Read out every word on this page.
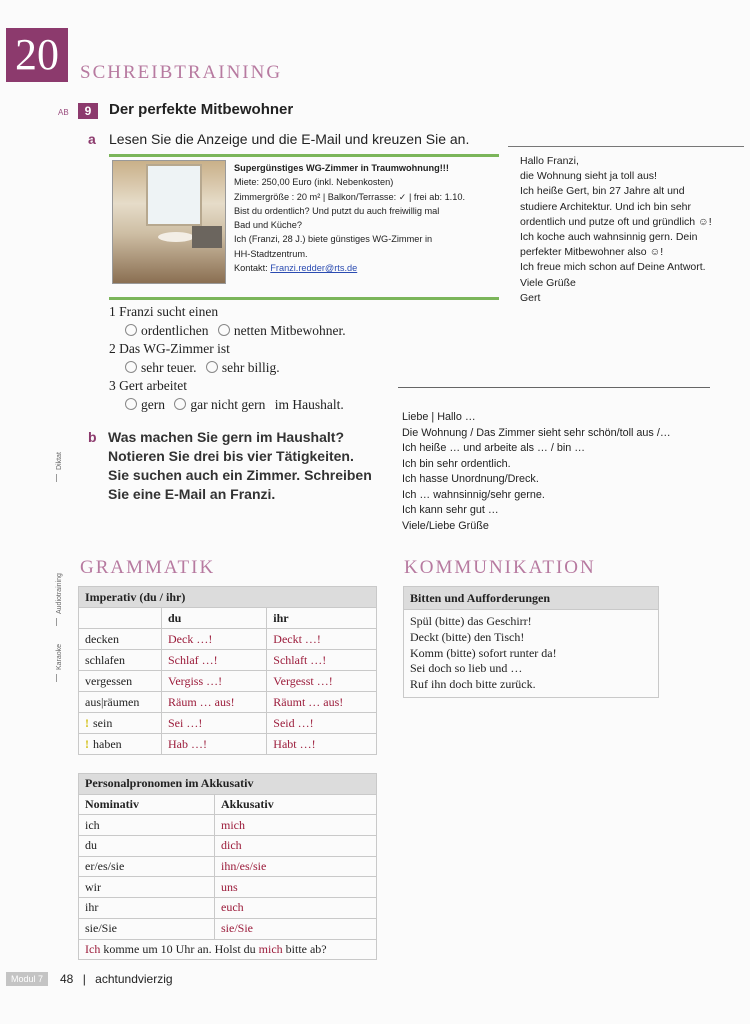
20	SCHREIBTRAINING
AB	9	Der perfekte Mitbewohner
a Lesen Sie die Anzeige und die E-Mail und kreuzen Sie an.
Supergünstiges WG-Zimmer in Traumwohnung!!!
Miete: 250,00 Euro (inkl. Nebenkosten)
Zimmergröße : 20 m² | Balkon/Terrasse: ✓ | frei ab: 1.10.
Bist du ordentlich? Und putzt du auch freiwillig mal
Bad und Küche?
Ich (Franzi, 28 J.) biete günstiges WG-Zimmer in
HH-Stadtzentrum.
Kontakt: Franzi.redder@rts.de
Hallo Franzi,
die Wohnung sieht ja toll aus!
Ich heiße Gert, bin 27 Jahre alt und
studiere Architektur. Und ich bin sehr
ordentlich und putze oft und gründlich ☺!
Ich koche auch wahnsinnig gern. Dein
perfekter Mitbewohner also ☺!
Ich freue mich schon auf Deine Antwort.
Viele Grüße
Gert
1 Franzi sucht einen
ordentlichen netten Mitbewohner.
2 Das WG-Zimmer ist
sehr teuer. sehr billig.
3 Gert arbeitet
gern gar nicht gern im Haushalt.
Liebe | Hallo …
Die Wohnung / Das Zimmer sieht sehr schön/toll aus /…
Ich heiße … und arbeite als … / bin …
Ich bin sehr ordentlich.
Ich hasse Unordnung/Dreck.
Ich … wahnsinnig/sehr gerne.
Ich kann sehr gut …
Viele/Liebe Grüße
b Was machen Sie gern im Haushalt?
Notieren Sie drei bis vier Tätigkeiten.
Sie suchen auch ein Zimmer. Schreiben
Sie eine E-Mail an Franzi.
Diktat
Audiotraining
Karaoke
GRAMMATIK
Imperativ (du / ihr)		
	du	ihr
decken	Deck …!	Deckt …!
schlafen	Schlaf …!	Schlaft …!
vergessen	Vergiss …!	Vergesst …!
aus|räumen	Räum … aus!	Räumt … aus!
! sein	Sei …!	Seid …!
! haben	Hab …!	Habt …!
Personalpronomen im Akkusativ	
Nominativ	Akkusativ
ich	mich
du	dich
er/es/sie	ihn/es/sie
wir	uns
ihr	euch
sie/Sie	sie/Sie
Ich komme um 10 Uhr an. Holst du mich bitte ab?	
KOMMUNIKATION
Bitten und Aufforderungen
Spül (bitte) das Geschirr!
Deckt (bitte) den Tisch!
Komm (bitte) sofort runter da!
Sei doch so lieb und …
Ruf ihn doch bitte zurück.
Modul 7	48 | achtundvierzig
